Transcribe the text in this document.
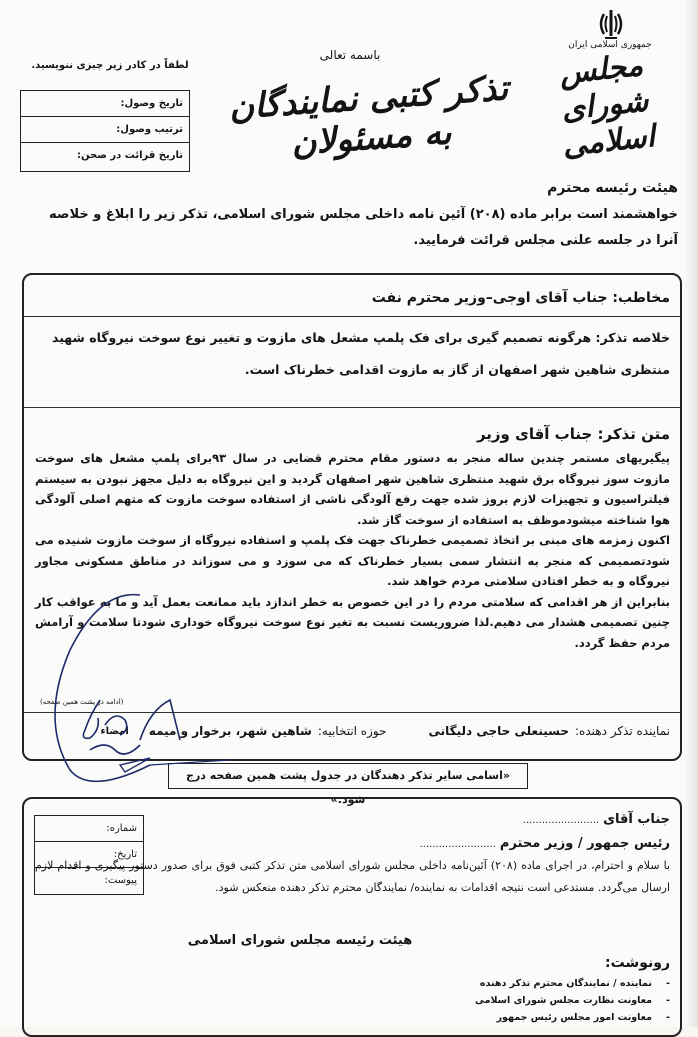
جمهوری اسلامی ایران
مجلس شورای اسلامی
باسمه تعالی
تذکر کتبی نمایندگان به مسئولان
لطفاً در کادر زیر چیزی ننویسید.
تاریخ وصول:
ترتیب وصول:
تاریخ قرائت در صحن:
هیئت رئیسه محترم
خواهشمند است برابر ماده (۲۰۸) آئین نامه داخلی مجلس شورای اسلامی، تذکر زیر را ابلاغ و خلاصه آنرا در جلسه علنی مجلس قرائت فرمایید.
مخاطب: جناب آقای اوجی–وزیر محترم نفت
خلاصه تذکر: هرگونه تصمیم گیری برای فک پلمپ مشعل های مازوت و تغییر نوع سوخت نیروگاه شهید منتظری شاهین شهر اصفهان از گاز به مازوت اقدامی خطرناک است.
متن تذکر: جناب آقای وزیر

پیگیریهای مستمر چندین ساله منجر به دستور مقام محترم قضایی در سال ۹۳برای پلمپ مشعل های سوخت مازوت سوز نیروگاه برق شهید منتظری شاهین شهر اصفهان گردید و این نیروگاه به دلیل مجهز نبودن به سیستم فیلتراسیون و تجهیزات لازم بروز شده جهت رفع آلودگی ناشی از استفاده سوخت مازوت که متهم اصلی آلودگی هوا شناخته میشودموظف به استفاده از سوخت گاز شد.

اکنون زمزمه های مبنی بر اتخاذ تصمیمی خطرناک جهت فک پلمپ و استفاده نیروگاه از سوخت مازوت شنیده می شودتصمیمی که منجر به انتشار سمی بسیار خطرناک که می سوزد و می سوزاند در مناطق مسکونی مجاور نیروگاه و به خطر افتادن سلامتی مردم خواهد شد.

بنابراین از هر اقدامی که سلامتی مردم را در این خصوص به خطر اندازد باید ممانعت بعمل آید و ما به عواقب کار چنین تصمیمی هشدار می دهیم.لذا ضروریست نسبت به تغیر نوع سوخت نیروگاه خوداری شودتا سلامت و آرامش مردم حفظ گردد.

(ادامه در پشت همین صفحه)
نماینده تذکر دهنده:
حسینعلی حاجی دلیگانی
حوزه انتخابیه:
شاهین شهر، برخوار و میمه
امضاء
«اسامی سایر تذکر دهندگان در جدول پشت همین صفحه درج شود.»
شماره:
تاریخ:
پیوست:
جناب آقای........................
رئیس جمهور / وزیر محترم........................
با سلام و احترام، در اجرای ماده (۲۰۸) آئین‌نامه داخلی مجلس شورای اسلامی متن تذکر کتبی فوق برای صدور دستور پیگیری و اقدام لازم ارسال می‌گردد. مستدعی است نتیجه اقدامات به نماینده/ نمایندگان محترم تذکر دهنده منعکس شود.
هیئت رئیسه مجلس شورای اسلامی
رونوشت:
- نماینده / نمایندگان محترم تذکر دهنده
- معاونت نظارت مجلس شورای اسلامی
- معاونت امور مجلس رئیس جمهور
